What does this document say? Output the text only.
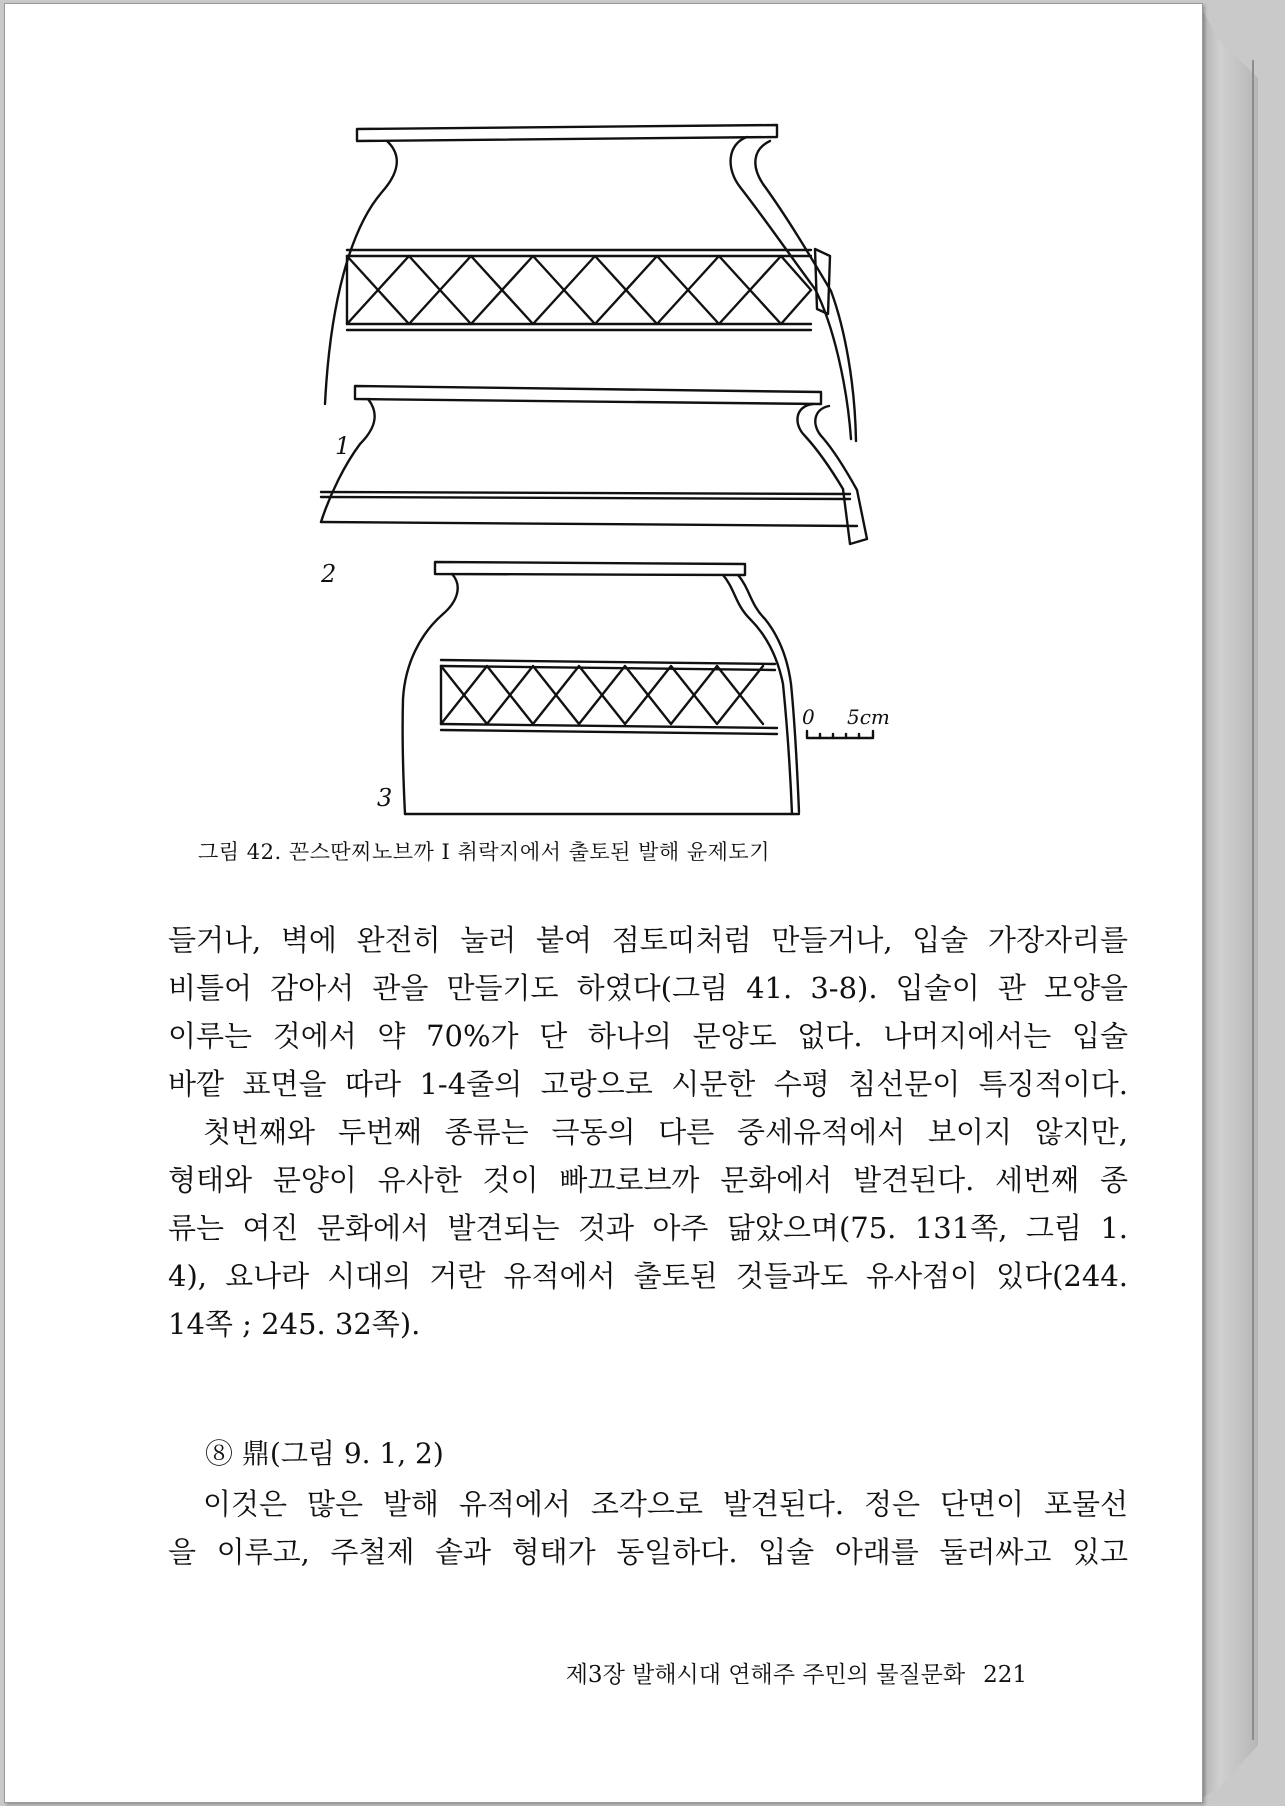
1
2
3
0 5cm
그림 42. 꼰스딴찌노브까 I 취락지에서 출토된 발해 윤제도기
들거나, 벽에 완전히 눌러 붙여 점토띠처럼 만들거나, 입술 가장자리를
비틀어 감아서 관을 만들기도 하였다(그림 41. 3-8). 입술이 관 모양을
이루는 것에서 약 70%가 단 하나의 문양도 없다. 나머지에서는 입술
바깥 표면을 따라 1-4줄의 고랑으로 시문한 수평 침선문이 특징적이다.
첫번째와 두번째 종류는 극동의 다른 중세유적에서 보이지 않지만,
형태와 문양이 유사한 것이 빠끄로브까 문화에서 발견된다. 세번째 종
류는 여진 문화에서 발견되는 것과 아주 닮았으며(75. 131쪽, 그림 1.
4), 요나라 시대의 거란 유적에서 출토된 것들과도 유사점이 있다(244.
14쪽 ; 245. 32쪽).
⑧ 鼎(그림 9. 1, 2)
이것은 많은 발해 유적에서 조각으로 발견된다. 정은 단면이 포물선
을 이루고, 주철제 솥과 형태가 동일하다. 입술 아래를 둘러싸고 있고
제3장 발해시대 연해주 주민의 물질문화 221
